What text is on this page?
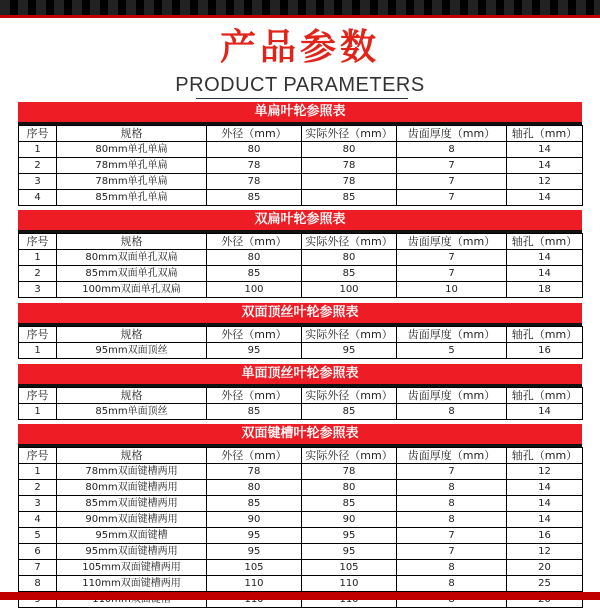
产品参数
PRODUCT PARAMETERS
单扁叶轮参照表
序号	规格	外径（mm）	实际外径（mm）	齿面厚度（mm）	轴孔（mm）
1	80mm单孔单扁	80	80	8	14
2	78mm单孔单扁	78	78	7	14
3	78mm单孔单扁	78	78	7	12
4	85mm单孔单扁	85	85	7	14
双扁叶轮参照表
序号	规格	外径（mm）	实际外径（mm）	齿面厚度（mm）	轴孔（mm）
1	80mm双面单孔双扁	80	80	7	14
2	85mm双面单孔双扁	85	85	7	14
3	100mm双面单孔双扁	100	100	10	18
双面顶丝叶轮参照表
序号	规格	外径（mm）	实际外径（mm）	齿面厚度（mm）	轴孔（mm）
1	95mm双面顶丝	95	95	5	16
单面顶丝叶轮参照表
序号	规格	外径（mm）	实际外径（mm）	齿面厚度（mm）	轴孔（mm）
1	85mm单面顶丝	85	85	8	14
双面键槽叶轮参照表
序号	规格	外径（mm）	实际外径（mm）	齿面厚度（mm）	轴孔（mm）
1	78mm双面键槽两用	78	78	7	12
2	80mm双面键槽两用	80	80	8	14
3	85mm双面键槽两用	85	85	8	14
4	90mm双面键槽两用	90	90	8	14
5	95mm双面键槽	95	95	7	16
6	95mm双面键槽两用	95	95	7	12
7	105mm双面键槽两用	105	105	8	20
8	110mm双面键槽两用	110	110	8	25
